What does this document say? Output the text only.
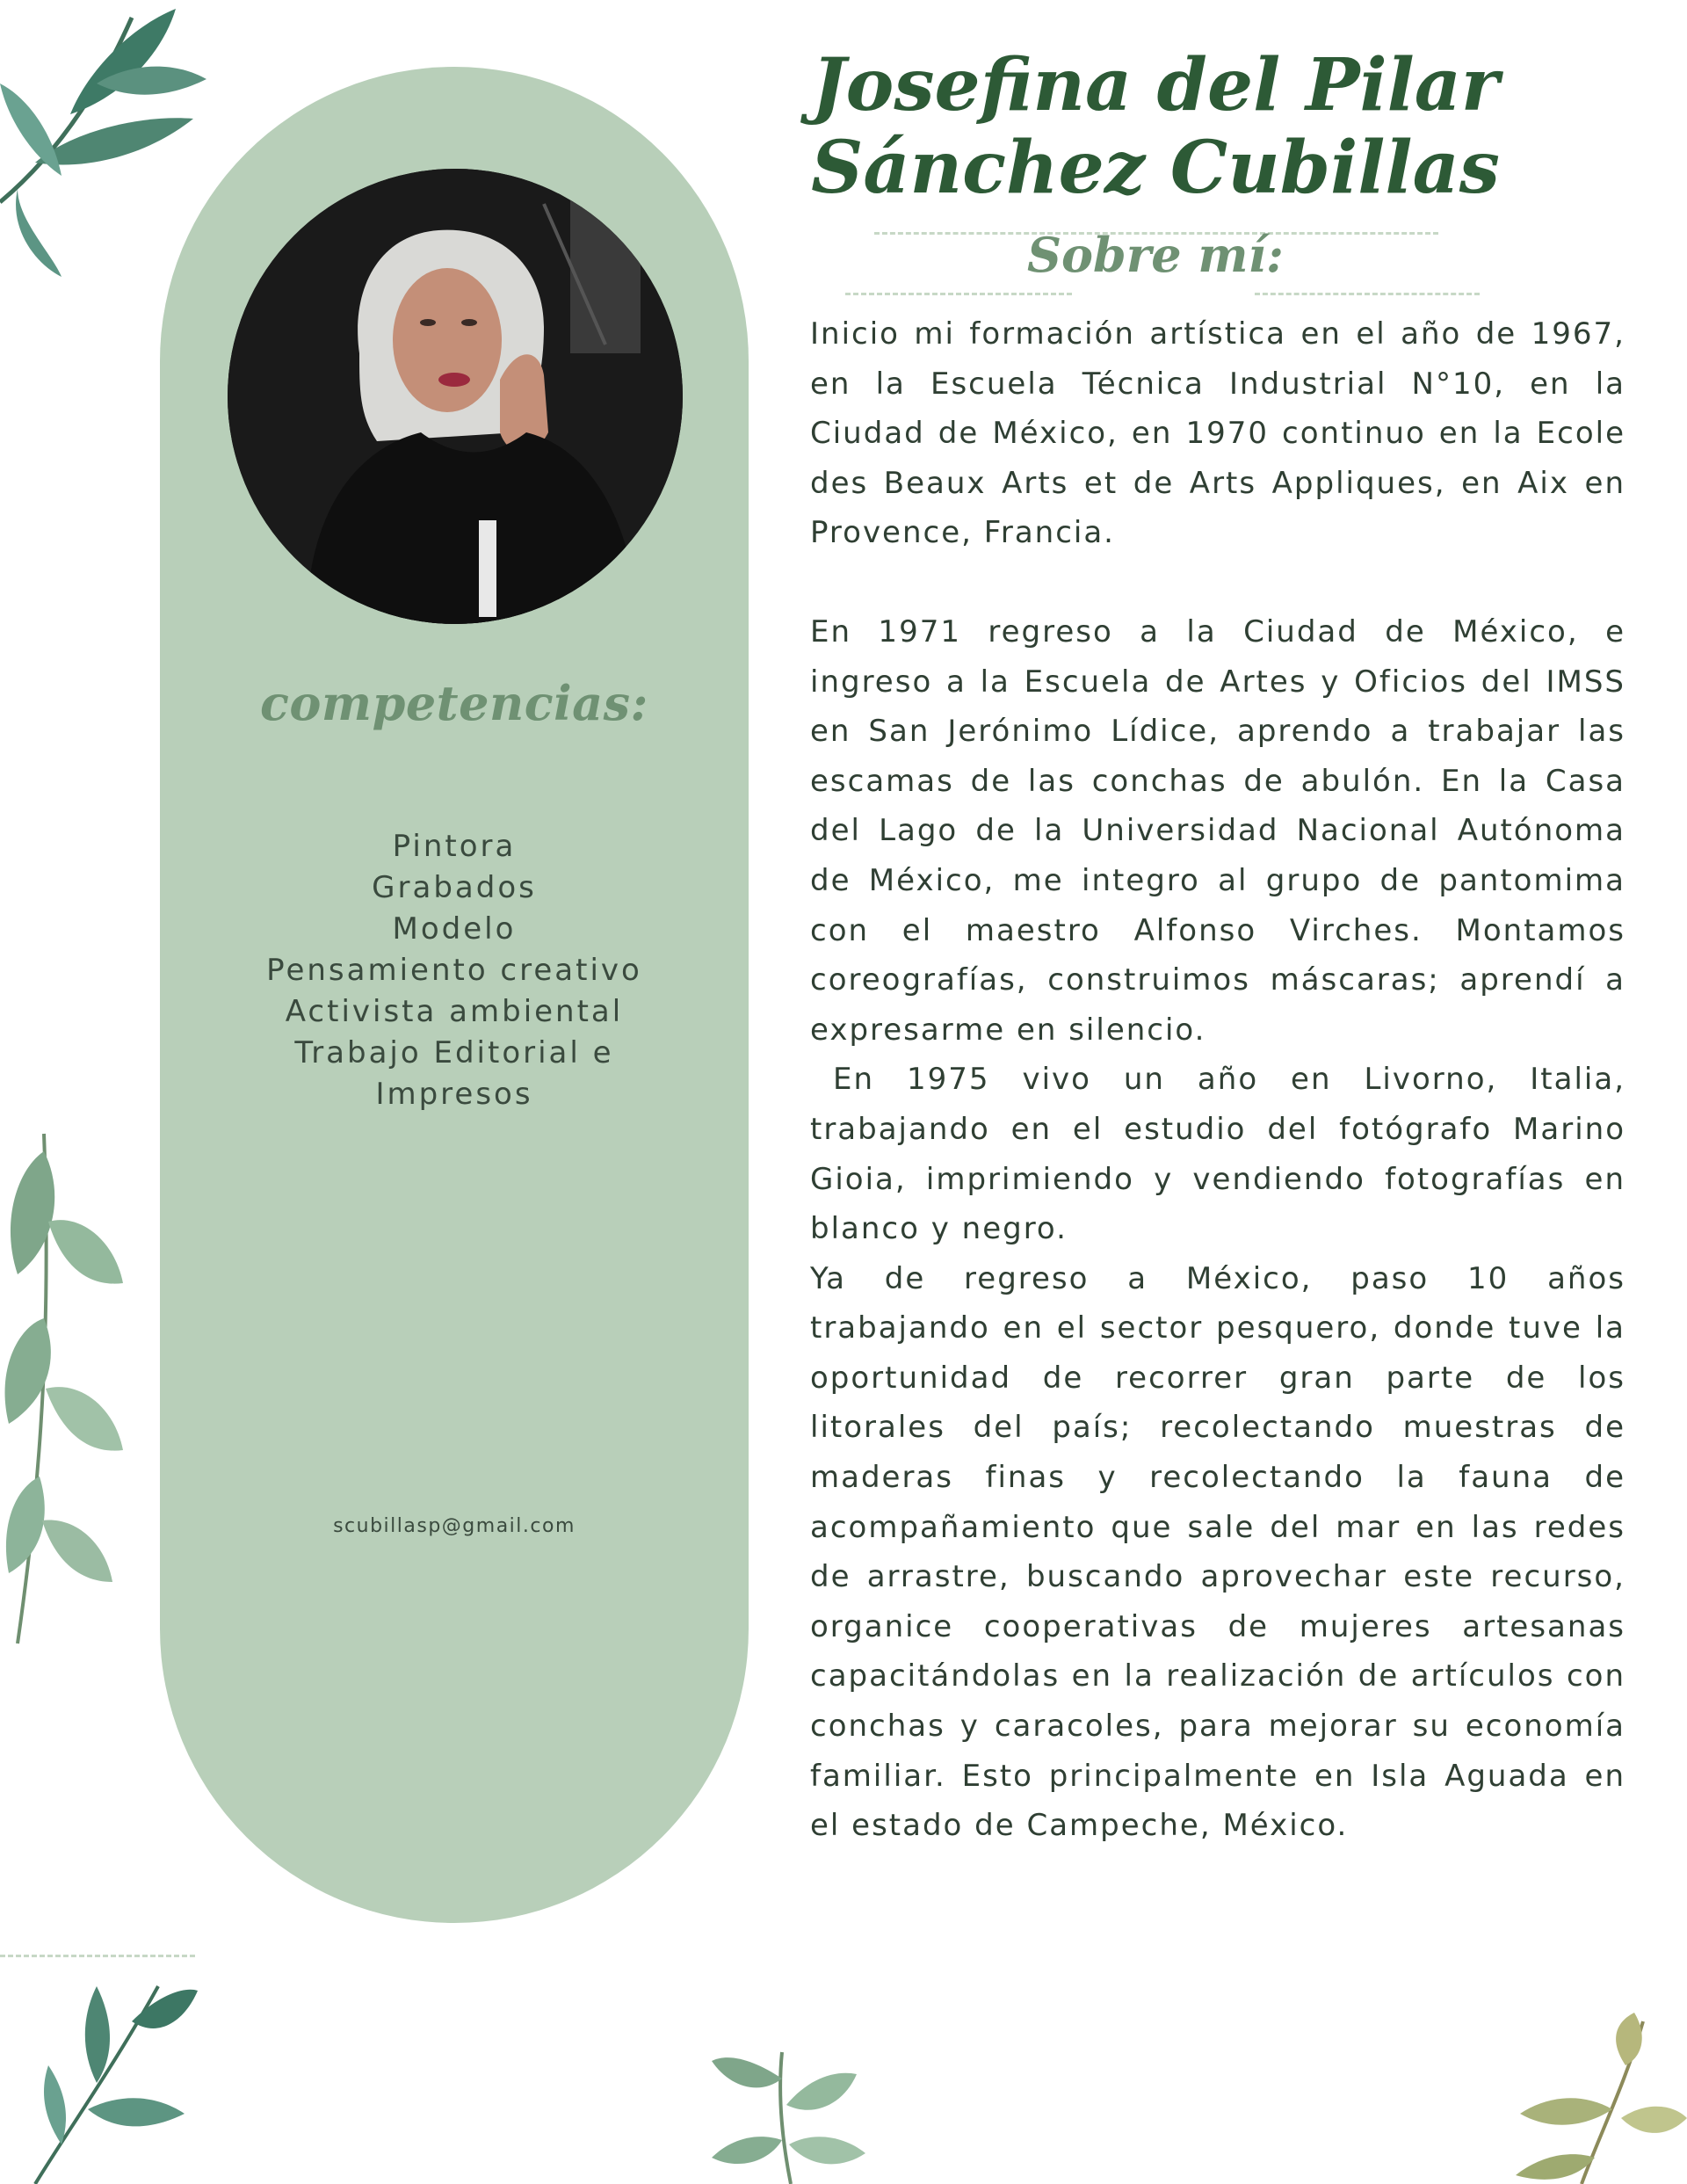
competencias:
Pintora
Grabados
Modelo
Pensamiento creativo
Activista ambiental
Trabajo Editorial e
Impresos
scubillasp@gmail.com
Josefina del Pilar
Sánchez Cubillas
Sobre mí:

Inicio mi formación artística en el año de 1967, en la Escuela Técnica Industrial N°10, en la Ciudad de México, en 1970 continuo en la Ecole des Beaux Arts et de Arts Appliques, en Aix en Provence, Francia.

En 1971 regreso a la Ciudad de México, e ingreso a la Escuela de Artes y Oficios del IMSS en San Jerónimo Lídice, aprendo a trabajar las escamas de las conchas de abulón. En la Casa del Lago de la Universidad Nacional Autónoma de México, me integro al grupo de pantomima con el maestro Alfonso Virches. Montamos coreografías, construimos máscaras; aprendí a expresarme en silencio.

En 1975 vivo un año en Livorno, Italia, trabajando en el estudio del fotógrafo Marino Gioia, imprimiendo y vendiendo fotografías en blanco y negro.

Ya de regreso a México, paso 10 años trabajando en el sector pesquero, donde tuve la oportunidad de recorrer gran parte de los litorales del país; recolectando muestras de maderas finas y recolectando la fauna de acompañamiento que sale del mar en las redes de arrastre, buscando aprovechar este recurso, organice cooperativas de mujeres artesanas capacitándolas en la realización de artículos con conchas y caracoles, para mejorar su economía familiar. Esto principalmente en Isla Aguada en el estado de Campeche, México.
